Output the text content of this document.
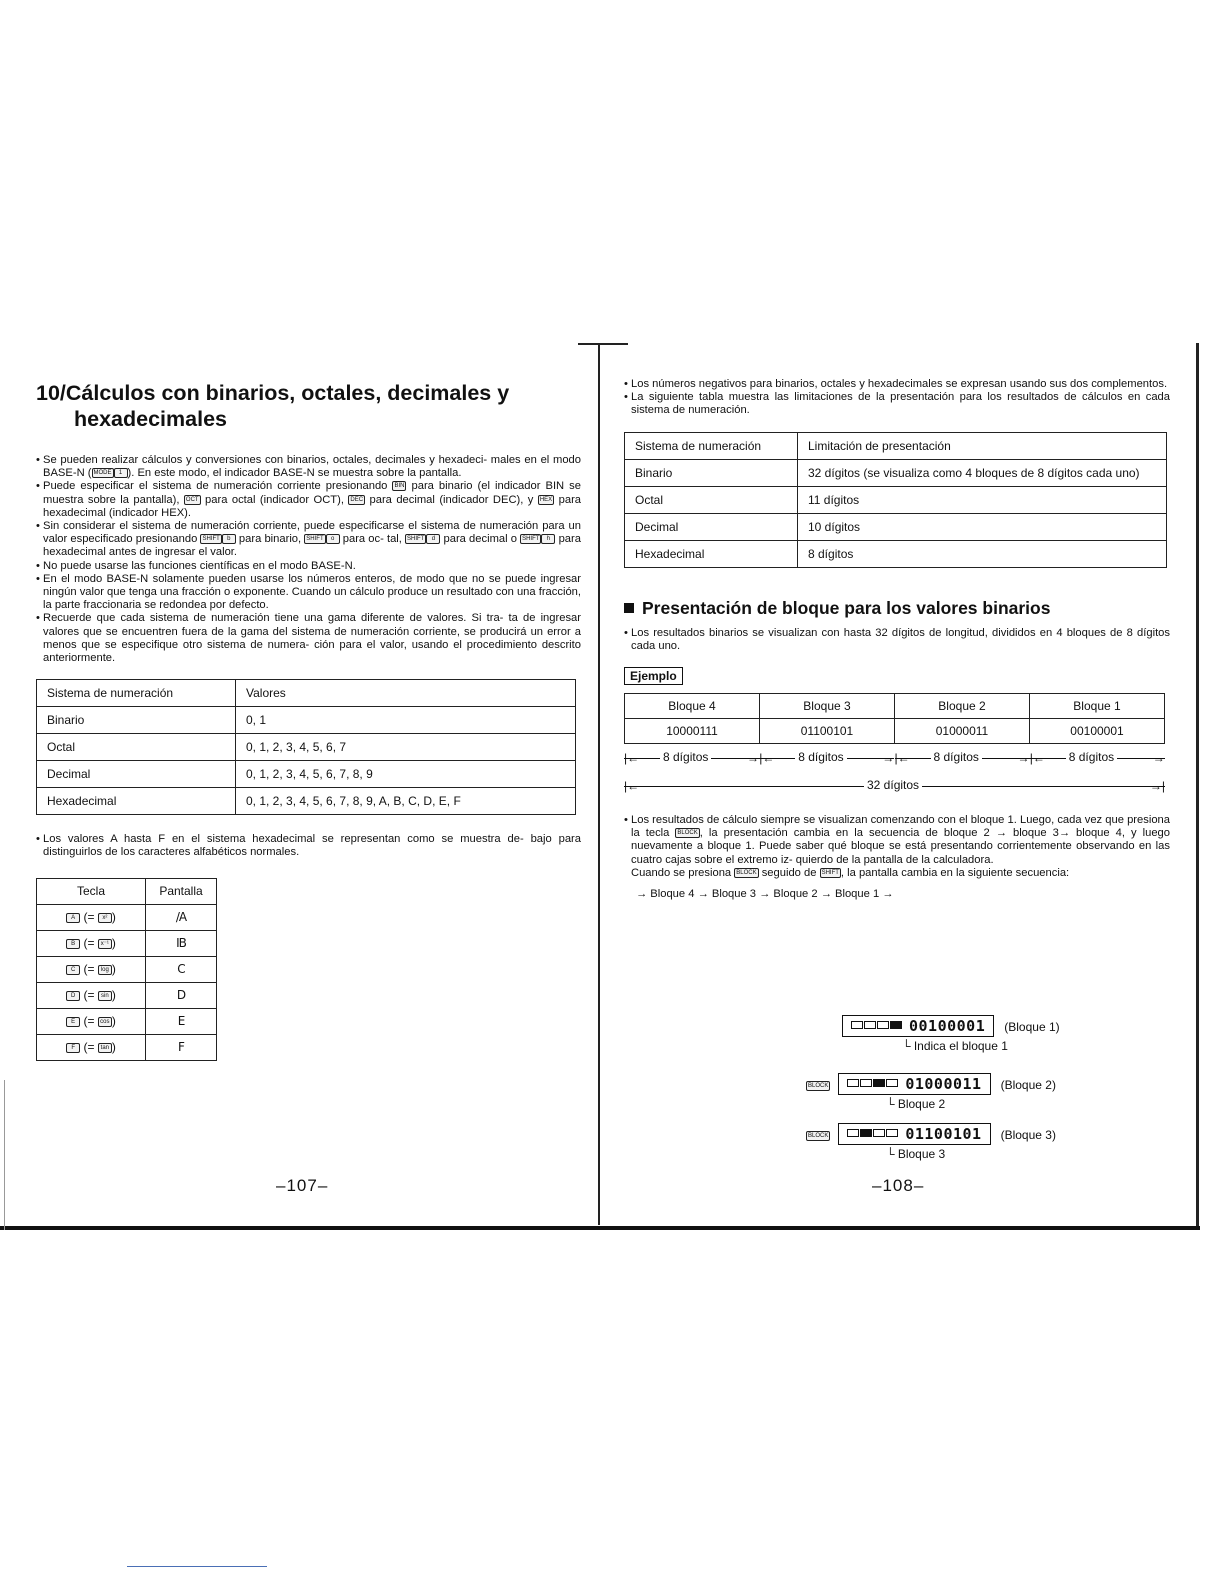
10/Cálculos con binarios, octales, decimales y
hexadecimales
• Se pueden realizar cálculos y conversiones con binarios, octales, decimales y hexadeci- males en el modo BASE-N ( MODE 1 ). En este modo, el indicador BASE-N se muestra sobre la pantalla.
• Puede especificar el sistema de numeración corriente presionando BIN para binario (el indicador BIN se muestra sobre la pantalla), OCT para octal (indicador OCT), DEC para decimal (indicador DEC), y HEX para hexadecimal (indicador HEX).
• Sin considerar el sistema de numeración corriente, puede especificarse el sistema de numeración para un valor especificado presionando SHIFT b para binario, SHIFT o para oc- tal, SHIFT d para decimal o SHIFT h para hexadecimal antes de ingresar el valor.
• No puede usarse las funciones científicas en el modo BASE-N.
• En el modo BASE-N solamente pueden usarse los números enteros, de modo que no se puede ingresar ningún valor que tenga una fracción o exponente. Cuando un cálculo produce un resultado con una fracción, la parte fraccionaria se redondea por defecto.
• Recuerde que cada sistema de numeración tiene una gama diferente de valores. Si tra- ta de ingresar valores que se encuentren fuera de la gama del sistema de numeración corriente, se producirá un error a menos que se especifique otro sistema de numera- ción para el valor, usando el procedimiento descrito anteriormente.
Sistema de numeración	Valores
Binario	0, 1
Octal	0, 1, 2, 3, 4, 5, 6, 7
Decimal	0, 1, 2, 3, 4, 5, 6, 7, 8, 9
Hexadecimal	0, 1, 2, 3, 4, 5, 6, 7, 8, 9, A, B, C, D, E, F
• Los valores A hasta F en el sistema hexadecimal se representan como se muestra de- bajo para distinguirlos de los caracteres alfabéticos normales.
Tecla	Pantalla
A (= x² )	/A
B (= x⁻¹ )	IB
C (= log )	C
D (= sin )	D
E (= cos )	E
F (= tan )	F
–107–
• Los números negativos para binarios, octales y hexadecimales se expresan usando sus dos complementos.
• La siguiente tabla muestra las limitaciones de la presentación para los resultados de cálculos en cada sistema de numeración.
Sistema de numeración	Limitación de presentación
Binario	32 dígitos (se visualiza como 4 bloques de 8 dígitos cada uno)
Octal	11 dígitos
Decimal	10 dígitos
Hexadecimal	8 dígitos
Presentación de bloque para los valores binarios
• Los resultados binarios se visualizan con hasta 32 dígitos de longitud, divididos en 4 bloques de 8 dígitos cada uno.
Ejemplo
Bloque 4	Bloque 3	Bloque 2	Bloque 1
10000111	01100101	01000011	00100001
|←	→
8 dígitos	|←	→
8 dígitos	|←	→
8 dígitos	|←	→
8 dígitos
|←	→|
32 dígitos
• Los resultados de cálculo siempre se visualizan comenzando con el bloque 1. Luego, cada vez que presiona la tecla BLOCK , la presentación cambia en la secuencia de bloque 2 → bloque 3→ bloque 4, y luego nuevamente a bloque 1. Puede saber qué bloque se está presentando corrientemente observando en las cuatro cajas sobre el extremo iz- quierdo de la pantalla de la calculadora.
Cuando se presiona BLOCK seguido de SHIFT , la pantalla cambia en la siguiente secuencia:
→ Bloque 4 → Bloque 3 → Bloque 2 → Bloque 1 →
00100001 (Bloque 1)
└ Indica el bloque 1
BLOCK	01000011 (Bloque 2)
└ Bloque 2
BLOCK	01100101 (Bloque 3)
└ Bloque 3
–108–
